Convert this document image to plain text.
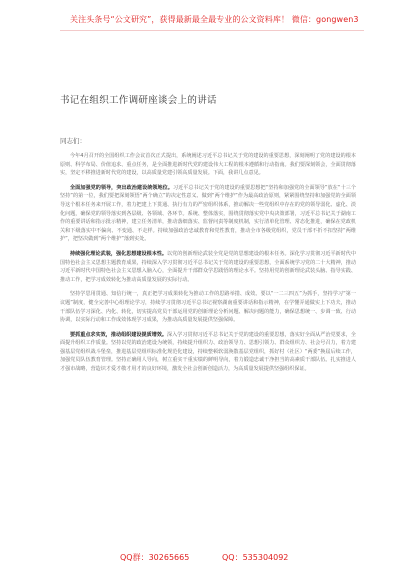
关注头条号“公文研究”，获得最新最全最专业的公文资料库！ 微信：gongwen3
书记在组织工作调研座谈会上的讲话
同志们：

今年4月召开的全国组织工作会议首次正式提出，系统阐述习近平总书记关于党的建设的重要思想，深刻阐明了党的建设的根本原则、科学布局、价值追求、重点任务，是全面推进新时代党的建设伟大工程的根本遵循和行动指南。我们要深刻领会，全面贯彻落实，坚定不移推进新时代党的建设，以高质量党建引领高质量发展。下面，我讲几点意见。

全面加强党的领导，突出政治建设统领地位。习近平总书记关于党的建设的重要思想把“坚持和加强党的全面领导”放在“十三个坚持”的第一位，我们要把深刻领悟“两个确立”的决定性意义、做到“两个维护”作为最高政治原则，紧紧围绕坚持和加强党的全面领导这个根本任务来开展工作，着力把建上下贯通、执行有力的严密组织体系，推动解决一些党组织中存在的党的领导弱化、虚化、淡化问题，确保党的领导落实到各层级、各领域、各环节。系统、整体落实，围绕贯彻落实党中央决策部署，习近平总书记关于湖南工作的重要讲话和指示批示精神，建立任务清单，推动落细落实、监督问责等制度机制，实行清单化管理、常态化推进，确保在党政机关和下级落实中不偏向、不变通、不走样。持续加强政治忠诚教育和党性教育，推动全市各级党组织，党员干部不折不扣坚持“两维护”，把坚决做到“两个维护”落到实处。

持续强化理论武装，强化思想建设根本性。以党的创新理论武装全党是党的思想建设的根本任务。深化学习贯彻习近平新时代中国特色社会主义思想主题教育成果，持续深入学习贯彻习近平总书记关于党的建设的重要思想，全面系统学习党的二十大精神，推动习近平新时代中国特色社会主义思想入脑入心，全面提升干部群众学思践悟的理论水平。坚持用党的创新理论武装头脑、指导实践、推动工作，把学习成效转化为推动高质量发展的实际行动。

坚持学思用贯通、知信行统一，真正把学习成果转化为推动工作的思路举措、成效。要以“一二三四五”为抓手，坚持学习“第一议题”制度，健全完善中心组理论学习，持续学习贯彻习近平总书记视察湖南重要讲话和指示精神，在学懂弄通做实上下功夫，推动干部队伍学习深化、内化、转化，切实提高党员干部运用党的创新理论分析问题、解决问题的能力，确保思想统一、步调一致、行动协调，以实际行动和工作成效体现学习成果，为推动高质量发展提供坚强保障。

要抓重点求实效，推动组织建设提质增效。深入学习贯彻习近平总书记关于党的建设的重要思想，落实好全面从严治党要求，全面提升组织工作质量。坚持以党的政治建设为统领，持续提升组织力、政治领导力、思想引领力、群众组织力、社会号召力，着力建强基层党组织战斗堡垒，推进基层党组织标准化规范化建设，持续整顿软弱涣散基层党组织，抓好村（社区）“两委”换届后续工作，加强党员队伍教育管理。坚持正确用人导向，树立重实干重实绩的鲜明导向，着力锻造忠诚干净担当的高素质干部队伍。扎实推进人才强市战略，营造识才爱才敬才用才的良好环境，激发全社会创新创造活力，为高质量发展提供坚强组织保证。

QQ群：30265665	QQ：535304092
